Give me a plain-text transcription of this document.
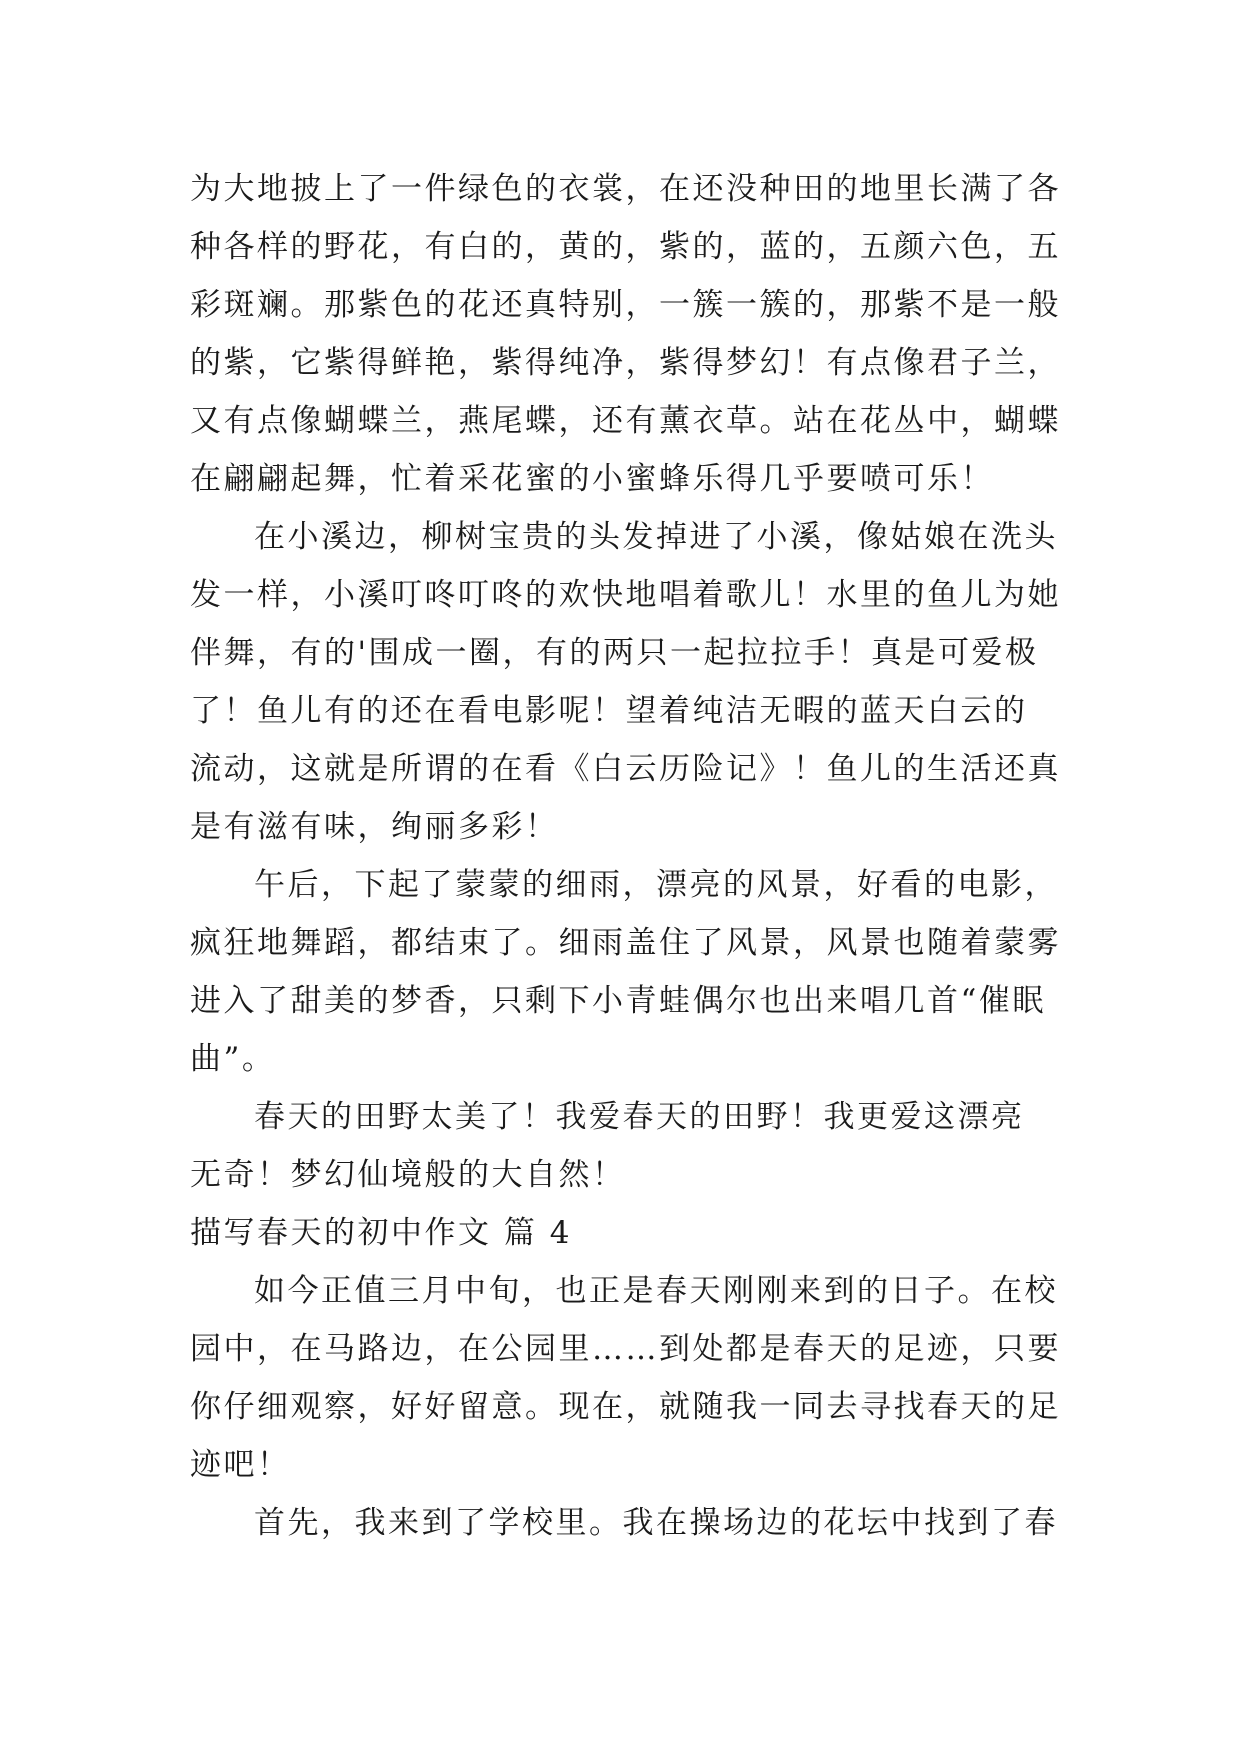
为大地披上了一件绿色的衣裳，在还没种田的地里长满了各
种各样的野花，有白的，黄的，紫的，蓝的，五颜六色，五
彩斑斓。那紫色的花还真特别，一簇一簇的，那紫不是一般
的紫，它紫得鲜艳，紫得纯净，紫得梦幻！有点像君子兰，
又有点像蝴蝶兰，燕尾蝶，还有薰衣草。站在花丛中，蝴蝶
在翩翩起舞，忙着采花蜜的小蜜蜂乐得几乎要喷可乐！
在小溪边，柳树宝贵的头发掉进了小溪，像姑娘在洗头
发一样，小溪叮咚叮咚的欢快地唱着歌儿！水里的鱼儿为她
伴舞，有的'围成一圈，有的两只一起拉拉手！真是可爱极
了！鱼儿有的还在看电影呢！望着纯洁无暇的蓝天白云的
流动，这就是所谓的在看《白云历险记》！鱼儿的生活还真
是有滋有味，绚丽多彩！
午后，下起了蒙蒙的细雨，漂亮的风景，好看的电影，
疯狂地舞蹈，都结束了。细雨盖住了风景，风景也随着蒙雾
进入了甜美的梦香，只剩下小青蛙偶尔也出来唱几首“催眠
曲”。
春天的田野太美了！我爱春天的田野！我更爱这漂亮
无奇！梦幻仙境般的大自然！
描写春天的初中作文 篇 4
如今正值三月中旬，也正是春天刚刚来到的日子。在校
园中，在马路边，在公园里……到处都是春天的足迹，只要
你仔细观察，好好留意。现在，就随我一同去寻找春天的足
迹吧！
首先，我来到了学校里。我在操场边的花坛中找到了春
